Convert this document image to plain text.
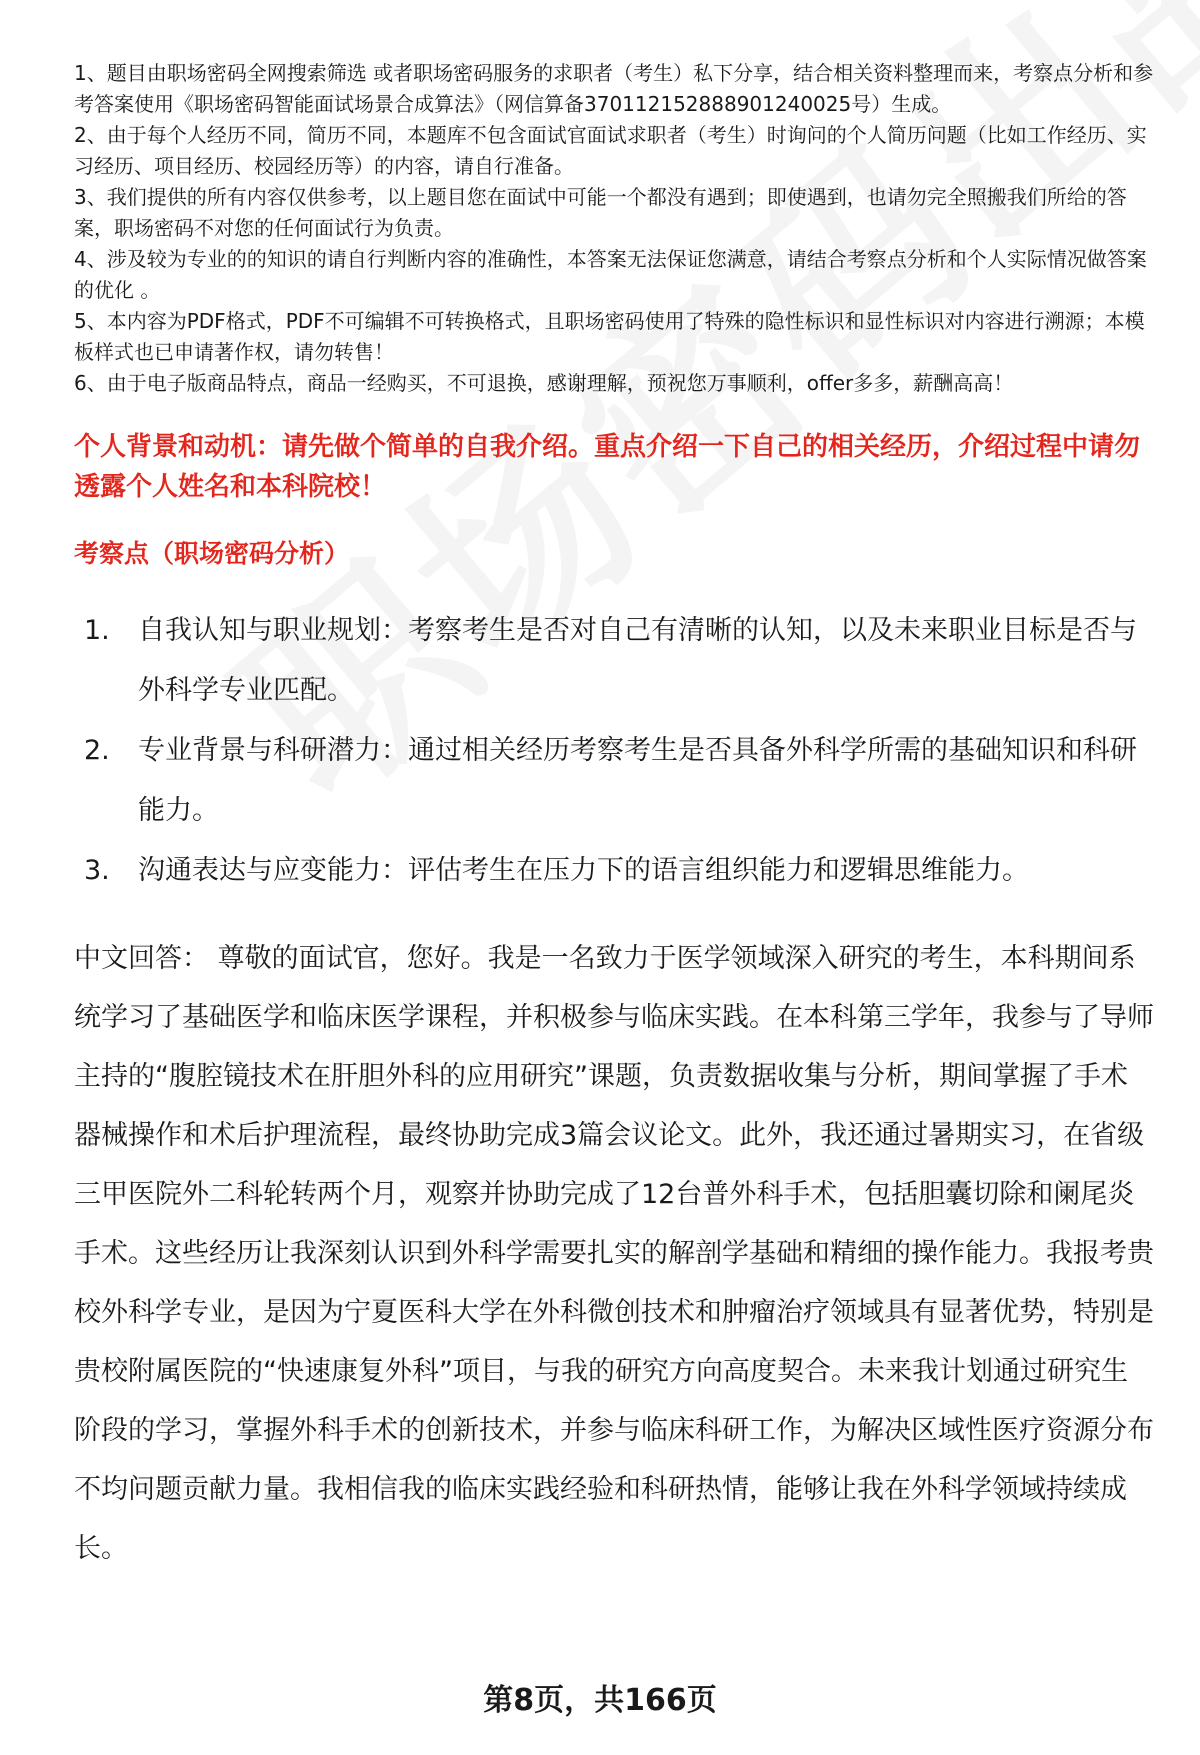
1、题目由职场密码全网搜索筛选 或者职场密码服务的求职者（考生）私下分享，结合相关资料整理而来，考察点分析和参考答案使用《职场密码智能面试场景合成算法》（网信算备370112152888901240025号）生成。

2、由于每个人经历不同，简历不同，本题库不包含面试官面试求职者（考生）时询问的个人简历问题（比如工作经历、实习经历、项目经历、校园经历等）的内容，请自行准备。

3、我们提供的所有内容仅供参考，以上题目您在面试中可能一个都没有遇到；即使遇到，也请勿完全照搬我们所给的答案，职场密码不对您的任何面试行为负责。

4、涉及较为专业的的知识的请自行判断内容的准确性，本答案无法保证您满意，请结合考察点分析和个人实际情况做答案的优化 。

5、本内容为PDF格式，PDF不可编辑不可转换格式，且职场密码使用了特殊的隐性标识和显性标识对内容进行溯源；本模板样式也已申请著作权，请勿转售！

6、由于电子版商品特点，商品一经购买，不可退换，感谢理解，预祝您万事顺利，offer多多，薪酬高高！

个人背景和动机：请先做个简单的自我介绍。重点介绍一下自己的相关经历，介绍过程中请勿透露个人姓名和本科院校！
考察点（职场密码分析）
1.	自我认知与职业规划：考察考生是否对自己有清晰的认知，以及未来职业目标是否与外科学专业匹配。
2.	专业背景与科研潜力：通过相关经历考察考生是否具备外科学所需的基础知识和科研能力。
3.	沟通表达与应变能力：评估考生在压力下的语言组织能力和逻辑思维能力。

中文回答： 尊敬的面试官，您好。我是一名致力于医学领域深入研究的考生，本科期间系统学习了基础医学和临床医学课程，并积极参与临床实践。在本科第三学年，我参与了导师主持的“腹腔镜技术在肝胆外科的应用研究”课题，负责数据收集与分析，期间掌握了手术器械操作和术后护理流程，最终协助完成3篇会议论文。此外，我还通过暑期实习，在省级三甲医院外二科轮转两个月，观察并协助完成了12台普外科手术，包括胆囊切除和阑尾炎手术。这些经历让我深刻认识到外科学需要扎实的解剖学基础和精细的操作能力。我报考贵校外科学专业，是因为宁夏医科大学在外科微创技术和肿瘤治疗领域具有显著优势，特别是贵校附属医院的“快速康复外科”项目，与我的研究方向高度契合。未来我计划通过研究生阶段的学习，掌握外科手术的创新技术，并参与临床科研工作，为解决区域性医疗资源分布不均问题贡献力量。我相信我的临床实践经验和科研热情，能够让我在外科学领域持续成长。

第8页，共166页
